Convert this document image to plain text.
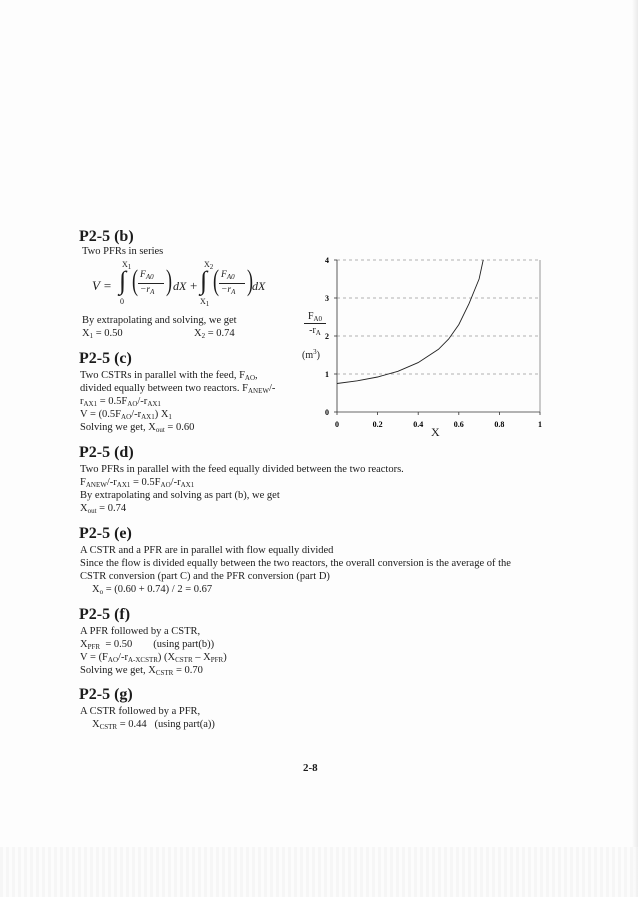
P2-5 (b)
Two PFRs in series
V = ∫
$X_1$
0
( $F_{A0}$
$-r_A$ ) dX + ∫
$X_2$
$X_1$
( $F_{A0}$
$-r_A$ ) dX
By extrapolating and solving, we get
$X_1 = 0.50$	$X_2 = 0.74$
P2-5 (c)
Two CSTRs in parallel with the feed, $F_{AO}$,
divided equally between two reactors. $F_{ANEW}/-$
$r_{AX1} = 0.5F_{AO}/-r_{AX1}$
$V = (0.5F_{AO}/-r_{AX1})$ $X_1$
Solving we get, $X_{out} = 0.60$
0
1
2
3
4
0	0.2	0.4	0.6	0.8	1
$\frac{F_{A0}}{-r_A}$
$(m^3)$
X
P2-5 (d)
Two PFRs in parallel with the feed equally divided between the two reactors.
$F_{ANEW}/-r_{AX1} = 0.5F_{AO}/-r_{AX1}$
By extrapolating and solving as part (b), we get
$X_{out} = 0.74$
P2-5 (e)
A CSTR and a PFR are in parallel with flow equally divided
Since the flow is divided equally between the two reactors, the overall conversion is the average of the
CSTR conversion (part C) and the PFR conversion (part D)
$X_o = (0.60 + 0.74) / 2 = 0.67$
P2-5 (f)
A PFR followed by a CSTR,
$X_{PFR} = 0.50$        (using part(b))
$V = (F_{AO}/-r_{A-XCSTR})$ $(X_{CSTR} - X_{PFR})$
Solving we get, $X_{CSTR} = 0.70$
P2-5 (g)
A CSTR followed by a PFR,
$X_{CSTR} = 0.44$   (using part(a))
2-8
